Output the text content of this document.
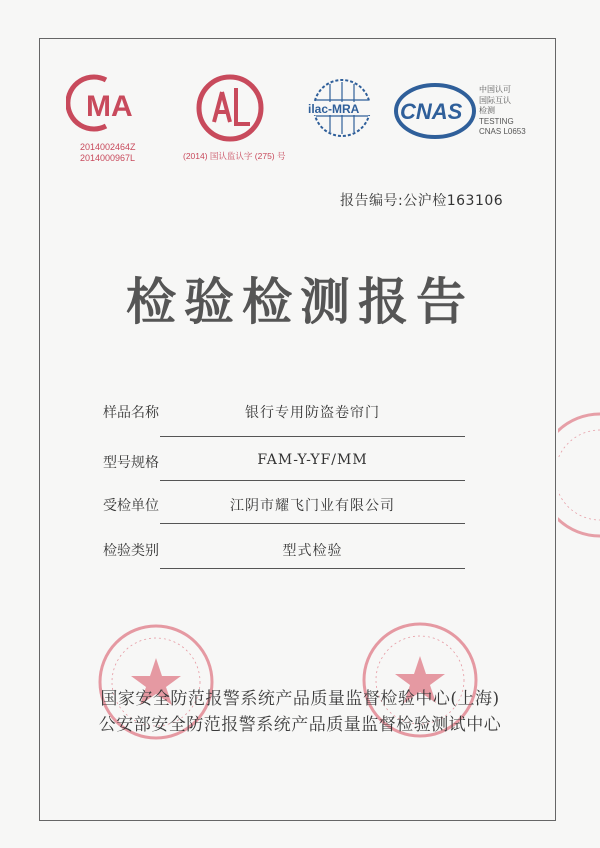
MA
CMA
2014002464Z
2014000967L
CAL
(2014) 国认监认字 (275) 号
ilac-MRA CNAS
中国认可
国际互认
检测
TESTING
CNAS L0653
报告编号:公沪检163106
检验检测报告
样品名称	银行专用防盗卷帘门
型号规格	FAM-Y-YF/MM
受检单位	江阴市耀飞门业有限公司
检验类别	型式检验
国家安全防范报警系统产品质量监督检验中心(上海)
公安部安全防范报警系统产品质量监督检验测试中心
